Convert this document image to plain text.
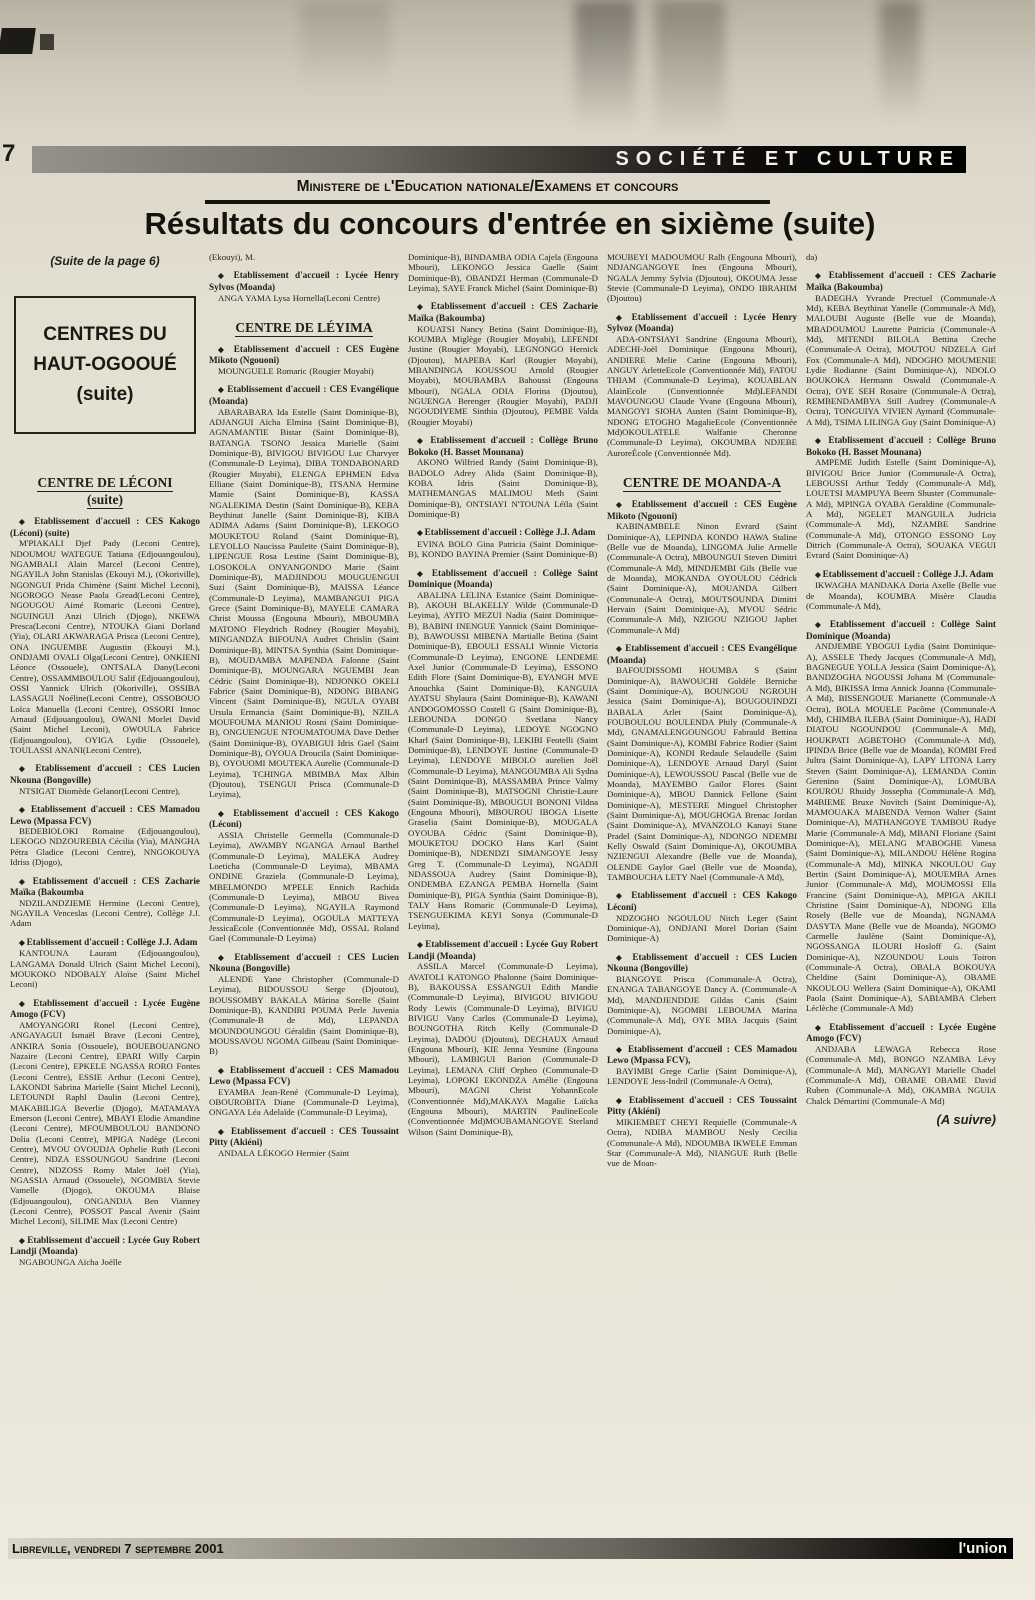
7	SOCIÉTÉ ET CULTURE
Ministere de l'Education nationale/Examens et concours
Résultats du concours d'entrée en sixième (suite)

(Suite de la page 6)

CENTRES DU
HAUT-OGOOUÉ
(suite)
CENTRE DE LÉCONI
(suite)

◆ Etablissement d'accueil : CES Kakogo (Léconi) (suite)

M'PIAKALI Djef Pady (Leconi Centre), NDOUMOU WATEGUE Tatiana (Edjouangoulou), NGAMBALI Alain Marcel (Leconi Centre), NGAYILA John Stanislas (Ekouyi M.), (Okoriville), NGONGUI Prida Chimène (Saint Michel Leconi), NGOROGO Nease Paola Gread(Leconi Centre), NGOUGOU Aimé Romaric (Leconi Centre), NGUINGUI Anzi Ulrich (Djogo), NKEWA Presca(Leconi Centre), NTOUKA Giani Dorland (Yia), OLARI AKWARAGA Prisca (Leconi Centre), ONA INGUEMBE Augustin (Ekouyi M.), ONDJAMI OVALI Olga(Leconi Centre), ONKIENI Léonce (Ossouele), ONTSALA Dany(Leconi Centre), OSSAMMBOULOU Salif (Edjouangoulou), OSSI Yannick Ulrich (Okoriville), OSSIBA LASSAGUI Noéline(Leconi Centre), OSSOBOUO Loïca Manuella (Leconi Centre), OSSORI Innoc Arnaud (Edjouangoulou), OWANI Morlet David (Saint Michel Leconi), OWOULA Fabrice (Edjouangoulou), OYIGA Lydie (Ossouele), TOULASSI ANANI(Leconi Centre),

◆ Etablissement d'accueil : CES Lucien Nkouna (Bongoville)

NTSIGAT Diomède Gelanor(Leconi Centre),

◆ Etablissement d'accueil : CES Mamadou Lewo (Mpassa FCV)

BEDEBIOLOKI Romaine (Edjouangoulou), LEKOGO NDZOUREBIA Cécilia (Yia), MANGHA Pétra Gladice (Leconi Centre), NNGOKOUYA Idriss (Djogo),

◆ Etablissement d'accueil : CES Zacharie Maïka (Bakoumba

NDZILANDZIEME Hermine (Leconi Centre), NGAYILA Venceslas (Leconi Centre), Collège J.J. Adam

◆ Etablissement d'accueil : Collège J.J. Adam

KANTOUNA Laurant (Edjouangoulou), LANGAMA Donald Ulrich (Saint Michel Leconi), MOUKOKO NDOBALY Aloïse (Saint Michel Leconi)

◆ Etablissement d'accueil : Lycée Eugène Amogo (FCV)

AMOYANGORI Ronel (Leconi Centre), ANGAYAGUI Ismaël Brave (Leconi Centre), ANKIRA Sonia (Ossouele), BOUEBOUANGNO Nazaire (Leconi Centre), EPARI Willy Carpin (Leconi Centre), EPKELE NGASSA RORO Fontes (Leconi Centre), ESSIE Arthur (Leconi Centre), LAKONDI Sabrina Marielle (Saint Michel Leconi), LETOUNDI Raphl Daulin (Leconi Centre), MAKABILIGA Beverlie (Djogo), MATAMAYA Emerson (Leconi Centre), MBAYI Elodie Amandine (Leconi Centre), MFOUMBOULOU BANDONO Dolia (Leconi Centre), MPIGA Nadège (Leconi Centre), MVOU OVOUDJA Ophelie Ruth (Leconi Centre), NDZA ESSOUNGOU Sandrine (Leconi Centre), NDZOSS Romy Malet Joël (Yia), NGASSIA Arnaud (Ossouele), NGOMBIA Stevie Vamelle (Djogo), OKOUMA Blaise (Edjouangoulou), ONGANDJA Ben Vianney (Leconi Centre), POSSOT Pascal Avenir (Saint Michel Leconi), SILIME Max (Leconi Centre)

◆ Etablissement d'accueil : Lycée Guy Robert Landji (Moanda)

NGABOUNGA Aïcha Joëlle

(Ekouyi), M.

◆ Etablissement d'accueil : Lycée Henry Sylvos (Moanda)

ANGA YAMA Lysa Hornella(Leconi Centre)

CENTRE DE LÉYIMA

◆ Etablissement d'accueil : CES Eugène Mikoto (Ngouoni)

MOUNGUELE Romaric (Rougier Moyabi)

◆ Etablissement d'accueil : CES Evangélique (Moanda)

ABARABARA Ida Estelle (Saint Dominique-B), ADJANGUI Aïcha Elmina (Saint Dominique-B), AGNAMANTIE Bistar (Saint Dominique-B), BATANGA TSONO Jessica Marielle (Saint Dominique-B), BIVIGOU BIVIGOU Luc Charvyer (Communale-D Leyima), DIBA TONDABONARD (Rougier Moyabi), ELENGA EPHMEN Edva Elliane (Saint Dominique-B), ITSANA Hermine Mamie (Saint Dominique-B), KASSA NGALEKIMA Destin (Saint Dominique-B), KEBA Beythinat Janelle (Saint Dominique-B), KIBA ADIMA Adams (Saint Dominique-B), LEKOGO MOUKETOU Roland (Saint Dominique-B), LEYOLLO Naucissa Paulette (Saint Dominique-B), LIPENGUE Rosa Lestine (Saint Dominique-B), LOSOKOLA ONYANGONDO Marie (Saint Dominique-B), MADJINDOU MOUGUENGUI Suzi (Saint Dominique-B), MAISSA Léance (Communale-D Leyima), MAMBANGUI PIGA Grece (Saint Dominique-B), MAYELE CAMARA Christ Moussa (Engouna Mbouri), MBOUMBA MATONO Fleydrich Rodney (Rougier Moyabi), MINGANDZA BIFOUNA Audret Chrislin (Saint Dominique-B), MINTSA Synthia (Saint Dominique-B), MOUDAMBA MAPENDA Falonne (Saint Dominique-B), MOUNGARA NGUEMBI Jean Cédric (Saint Dominique-B), NDJONKO OKELI Fabrice (Saint Dominique-B), NDONG BIBANG Vincent (Saint Dominique-B), NGULA OYABI Ursula Ermancia (Saint Dominique-B), NZILA MOUFOUMA MANIOU Rosni (Saint Dominique-B), ONGUENGUE NTOUMATOUMA Dave Dether (Saint Dominique-B), OYABIGUI Idris Gael (Saint Dominique-B), OYOUA Droucila (Saint Dominique-B), OYOUOMI MOUTEKA Aurelie (Communale-D Leyima), TCHINGA MBIMBA Max Albin (Djoutou), TSENGUI Prisca (Communale-D Leyima),

◆ Etablissement d'accueil : CES Kakogo (Léconi)

ASSIA Christelle Germella (Communale-D Leyima), AWAMBY NGANGA Arnaul Barthel (Communale-D Leyima), MALEKA Audrey Loeticha (Communale-D Leyima), MBAMA ONDINE Graziela (Communale-D Leyima), MBELMONDO M'PELE Ennich Rachida (Communale-D Leyima), MBOU Bivea (Communale-D Leyima), NGAYILA Raymond (Communale-D Leyima), OGOULA MATTEYA JessicaEcole (Conventionnée Md), OSSAL Roland Gael (Communale-D Leyima)

◆ Etablissement d'accueil : CES Lucien Nkouna (Bongoville)

ALENDE Yane Christopher (Communale-D Leyima), BIDOUSSOU Serge (Djoutou), BOUSSOMBY BAKALA Màrina Sorelle (Saint Dominique-B), KANDIRI POUMA Perle Juvenia (Communale-B de Md), LEPANDA MOUNDOUNGOU Géraldin (Saint Dominique-B), MOUSSAVOU NGOMA Gilbeau (Saint Dominique-B)

◆ Etablissement d'accueil : CES Mamadou Lewo (Mpassa FCV)

EYAMBA Jean-René (Communale-D Leyima), OBOUROBITA Diane (Communale-D Leyima), ONGAYA Léa Adelaïde (Communale-D Leyima),

◆ Etablissement d'accueil : CES Toussaint Pitty (Akiéni)

ANDALA LÉKOGO Hermier (Saint

Dominique-B), BINDAMBA ODIA Cajela (Engouna Mbouri), LEKONGO Jessica Gaelle (Saint Dominique-B), OBANDZI Herman (Communale-D Leyima), SAYE Franck Michel (Saint Dominique-B)

◆ Etablissement d'accueil : CES Zacharie Maïka (Bakoumba)

KOUATSI Nancy Betina (Saint Dominique-B), KOUMBA Miglège (Rougier Moyabi), LEFENDI Justine (Rougier Moyabi), LEGNONGO Hernick (Djoutou), MAPEBA Karl (Rougier Moyabi), MBANDINGA KOUSSOU Arnold (Rougier Moyabi), MOUBAMBA Bahoussi (Engouna Mbouri), NGALA ODIA Florina (Djoutou), NGUENGA Berenger (Rougier Moyabi), PADJI NGOUDIYEME Sinthia (Djoutou), PEMBE Valda (Rougier Moyabi)

◆ Etablissement d'accueil : Collège Bruno Bokoko (H. Basset Mounana)

AKONO Wilfried Randy (Saint Dominique-B), BADOLO Adrey Alida (Saint Dominique-B), KOBA Idris (Saint Dominique-B), MATHEMANGAS MALIMOU Meth (Saint Dominique-B), ONTSIAYI N'TOUNA Léïla (Saint Dominique-B)

◆ Etablissement d'accueil : Collège J.J. Adam

EVINA BOLO Gina Patricia (Saint Dominique-B), KONDO BAYINA Premier (Saint Dominique-B)

◆ Etablissement d'accueil : Collège Saint Dominique (Moanda)

ABALINA LELINA Estanice (Saint Dominique-B), AKOUH BLAKELLY Wilde (Communale-D Leyima), AYITO MEZUI Nadia (Saint Dominique-B), BABINI INENGUE Yannick (Saint Dominique-B), BAWOUSSI MIBENA Martialle Betina (Saint Dominique-B), EBOULI ESSALI Winnie Victoria (Communale-D Leyima), ENGONE LENDEME Axel Junior (Communale-D Leyima), ESSONO Edith Flore (Saint Dominique-B), EYANGH MVE Anouchka (Saint Dominique-B), KANGUIA AYATSU Shylaura (Saint Dominique-B), KAWANI ANDOGOMOSSO Costell G (Saint Dominique-B), LEBOUNDA DONGO Svetlana Nancy (Communale-D Leyima), LEDOYE NGOGNO Kharl (Saint Dominique-B), LEKIBI Feotelli (Saint Dominique-B), LENDOYE Justine (Communale-D Leyima), LENDOYE MIBOLO aurelien Joël (Communale-D Leyima), MANGOUMBA Ali Sydna (Saint Dominique-B), MASSAMBA Prince Valmy (Saint Dominique-B), MATSOGNI Christie-Laure (Saint Dominique-B), MBOUGUI BONONI Vildna (Engouna Mbouri), MBOUROU IBOGA Lisette Graselia (Saint Dominique-B), MOUGALA OYOUBA Cédric (Saint Dominique-B), MOUKETOU DOCKO Hans Karl (Saint Dominique-B), NDENDZI SIMANGOYE Jessy Greg T. (Communale-D Leyima), NGADJI NDASSOUA Audrey (Saint Dominique-B), ONDEMBA EZANGA PEMBA Hornella (Saint Dominique-B), PIGA Synthia (Saint Dominique-B), TALY Hans Romaric (Communale-D Leyima), TSENGUEKIMA KEYI Sonya (Communale-D Leyima),

◆ Etablissement d'accueil : Lycée Guy Robert Landji (Moanda)

ASSILA Marcel (Communale-D Leyima), AVATOLI KATONGO Phalonne (Saint Dominique-B), BAKOUSSA ESSANGUI Edith Mandie (Communale-D Leyima), BIVIGOU BIVIGOU Rody Lewis (Communale-D Leyima), BIVIGU BIVIGU Vany Carlos (Communale-D Leyima), BOUNGOTHA Ritch Kelly (Communale-D Leyima), DADOU (Djoutou), DECHAUX Arnaud (Engouna Mbouri), KIE Jenna Yesmine (Engouna Mbouri), LAMBIGUI Barion (Communale-D Leyima), LEMANA Cliff Orpheo (Communale-D Leyima), LOPOKI EKONDZA Amélie (Engouna Mbouri), MAGNI Christ YohannEcole (Conventionnée Md),MAKAYA Magalie Laïcka (Engouna Mbouri), MARTIN PaulineEcole (Conventionnée Md)MOUBAMANGOYE Sterland Wilson (Saint Dominique-B),

MOUBEYI MADOUMOU Ralh (Engouna Mbouri), NDJANGANGOYE Ines (Engouna Mbouri), NGALA Jemmy Sylvia (Djoutou), OKOUMA Jesse Stevie (Communale-D Leyima), ONDO IBRAHIM (Djoutou)

◆ Etablissement d'accueil : Lycée Henry Sylvoz (Moanda)

ADA-ONTSIAYI Sandrine (Engouna Mbouri), ADECHI-Joël Dominique (Engouna Mbouri), ANDIERE Melie Carine (Engouna Mbouri), ANGUY ArletteEcole (Conventionnée Md), FATOU THIAM (Communale-D Leyima), KOUABLAN AlainEcole (Conventionnée Md)LEFANDI MAVOUNGOU Claude Yvane (Engouna Mbouri), MANGOYI SIOHA Austen (Saint Dominique-B), NDONG ETOGHO MagalieEcole (Conventionnée Md)OKOULATELE Walfanie Cheronne (Communale-D Leyima), OKOUMBA NDJEBE AuroreÉcole (Conventionnée Md).

CENTRE DE MOANDA-A

◆ Etablissement d'accueil : CES Eugène Mikoto (Ngouoni)

KABINAMBELE Ninon Evrard (Saint Dominique-A), LEPINDA KONDO HAWA Staline (Belle vue de Moanda), LINGOMA Julie Armelle (Communale-A Octra), MBOUNGUI Steven Dimitri (Communale-A Md), MINDJEMBI Gils (Belle vue de Moanda), MOKANDA OYOULOU Cédrick (Saint Dominique-A), MOUANDA Gilbert (Communale-A Octra), MOUTSOUNDA Dimitri Hervain (Saint Dominique-A), MVOU Sédric (Communale-A Md), NZIGOU NZIGOU Japhet (Communale-A Md)

◆ Etablissement d'accueil : CES Evangélique (Moanda)

BAFOUDISSOMI HOUMBA S (Saint Dominique-A), BAWOUCHI Goldèle Berniche (Saint Dominique-A), BOUNGOU NGROUH Jessica (Saint Dominique-A), BOUGOUINDZI BABALA Arlet (Saint Dominique-A), FOUBOULOU BOULENDA Phily (Communale-A Md), GNAMALENGOUNGOU Fabrauld Bettina (Saint Dominique-A), KOMBI Fabrice Rodier (Saint Dominique-A), KONDI Redaule Selaudelle (Saint Dominique-A), LENDOYE Arnaud Daryl (Saint Dominique-A), LEWOUSSOU Pascal (Belle vue de Moanda), MAYEMBO Gailor Flores (Saint Dominique-A), MBOU Dannick Fellone (Saint Dominique-A), MESTERE Minguel Christopher (Saint Dominique-A), MOUGHOGA Brenac Jordan (Saint Dominique-A), MVANZOLO Kanayi Stane Pradel (Saint Dominique-A), NDONGO NDEMBI Kelly Oswald (Saint Dominique-A), OKOUMBA NZIENGUI Alexandre (Belle vue de Moanda), OLENDE Gaylor Gael (Belle vue de Moanda), TAMBOUCHA LETY Nael (Communale-A Md),

◆ Etablissement d'accueil : CES Kakogo Léconi)

NDZOGHO NGOULOU Nitch Leger (Saint Dominique-A), ONDJANI Morel Dorian (Saint Dominique-A)

◆ Etablissement d'accueil : CES Lucien Nkouna (Bongoville)

BIANGOYE Prisca (Communale-A Octra), ENANGA TABANGOYE Dancy A. (Communale-A Md), MANDJENDDJE Gildas Canis (Saint Dominique-A), NGOMBI LEBOUMA Marina (Communale-A Md), OYE MBA Jacquis (Saint Dominique-A),

◆ Etablissement d'accueil : CES Mamadou Lewo (Mpassa FCV),

BAYIMBI Grege Carlie (Saint Dominique-A), LENDOYE Jess-Indril (Communale-A Octra),

◆ Etablissement d'accueil : CES Toussaint Pitty (Akiéni)

MIKIEMBET CHEYI Requielle (Communale-A Octra), NDIBA MAMBOU Nesly Cecilia (Communale-A Md), NDOUMBA IKWELE Emman Star (Communale-A Md), NIANGUE Ruth (Belle vue de Moan-

da)

◆ Etablissement d'accueil : CES Zacharie Maïka (Bakoumba)

BADEGHA Yvrande Prectuel (Communale-A Md), KEBA Beythinat Yanelle (Communale-A Md), MALOUBI Auguste (Belle vue de Moanda), MBADOUMOU Laurette Patricia (Communale-A Md), MITENDI BILOLA Bettina Creche (Communale-A Octra), MOUTOU NDZELA Girl Fox (Communale-A Md), NDOGHO MOUMENIE Lydie Rodianne (Saint Dominique-A), NDOLO BOUKOKA Hermann Oswald (Communale-A Octra), OYE SEH Rosaire (Communale-A Octra), REMBENDAMBYA Still Audrey (Communale-A Octra), TONGUIYA VIVIEN Aymard (Communale-A Md), TSIMA LILINGA Guy (Saint Dominique-A)

◆ Etablissement d'accueil : Collège Bruno Bokoko (H. Basset Mounana)

AMPEME Judith Estelle (Saint Dominique-A), BIVIGOU Brice Junior (Communale-A Octra), LEBOUSSI Arthur Teddy (Communale-A Md), LOUETSI MAMPUYA Beern Shuster (Communale-A Md), MPINGA OYABA Geraldine (Communale-A Md), NGELET MANGUILA Judricia (Communale-A Md), NZAMBE Sandrine (Communale-A Md), OTONGO ESSONO Loy Ditrich (Communale-A Octra), SOUAKA VEGUI Evrard (Saint Dominique-A)

◆ Etablissement d'accueil : Collège J.J. Adam

IKWAGHA MANDAKA Doria Axelle (Belle vue de Moanda), KOUMBA Misère Claudia (Communale-A Md),

◆ Etablissement d'accueil : Collège Saint Dominique (Moanda)

ANDJEMBE YBOGUI Lydia (Saint Dominique-A), ASSELE Thedy Jacques (Communale-A Md), BAGNEGUE YOLLA Jessica (Saint Dominique-A), BANDZOGHA NGOUSSI Johana M (Communale-A Md), BIKISSA Irma Annick Joanna (Communale-A Md), BISSENGOUE Marianette (Communale-A Octra), BOLA MOUELE Pacôme (Communale-A Md), CHIMBA ILEBA (Saint Dominique-A), HADI DIATOU NGOUNDOU (Communale-A Md), HOUKPATI AGBETOHO (Communale-A Md), IPINDA Brice (Belle vue de Moanda), KOMBI Fred Jultra (Saint Dominique-A), LAPY LITONA Larry Steven (Saint Dominique-A), LEMANDA Contin Gerenino (Saint Dominique-A), LOMUBA KOUROU Rhuidy Jossepha (Communale-A Md), M4BIEME Bruxe Novitch (Saint Dominique-A), MAMOUAKA MABENDA Vernon Walter (Saint Dominique-A), MATHANGOYE TAMBOU Rudye Marie (Communale-A Md), MBANI Floriane (Saint Dominique-A), MELANG M'ABOGHE Vanesa (Saint Dominique-A), MILANDOU Hélène Rogina (Communale-A Md), MINKA NKOULOU Guy Bertin (Saint Dominique-A), MOUEMBA Arnes Junior (Communale-A Md), MOUMOSSI Ella Francine (Saint Dominique-A), MPIGA AKILI Christine (Saint Dominique-A), NDONG Ella Rosely (Belle vue de Moanda), NGNAMA DASYTA Mane (Belle vue de Moanda), NGOMO Carmelle Jaulène (Saint Dominique-A), NGOSSANGA ILOURI Hosloff G. (Saint Dominique-A), NZOUNDOU Louis Toiron (Communale-A Octra), OBALA BOKOUYA Cheldine (Saint Dominique-A), OBAME NKOULOU Wellera (Saint Dominique-A), OKAMI Paola (Saint Dominique-A), SABIAMBA Clebert Léclèche (Communale-A Md)

◆ Etablissement d'accueil : Lycée Eugène Amogo (FCV)

ANDJABA LEWAGA Rebecca Rose (Communale-A Md), BONGO NZAMBA Lévy (Communale-A Md), MANGAYI Marielle Chadel (Communale-A Md), OBAME OBAME David Ruben (Communale-A Md), OKAMBA NGUIA Chalck Démartini (Communale-A Md)

(A suivre)

Libreville, vendredi 7 septembre 2001	l'union
